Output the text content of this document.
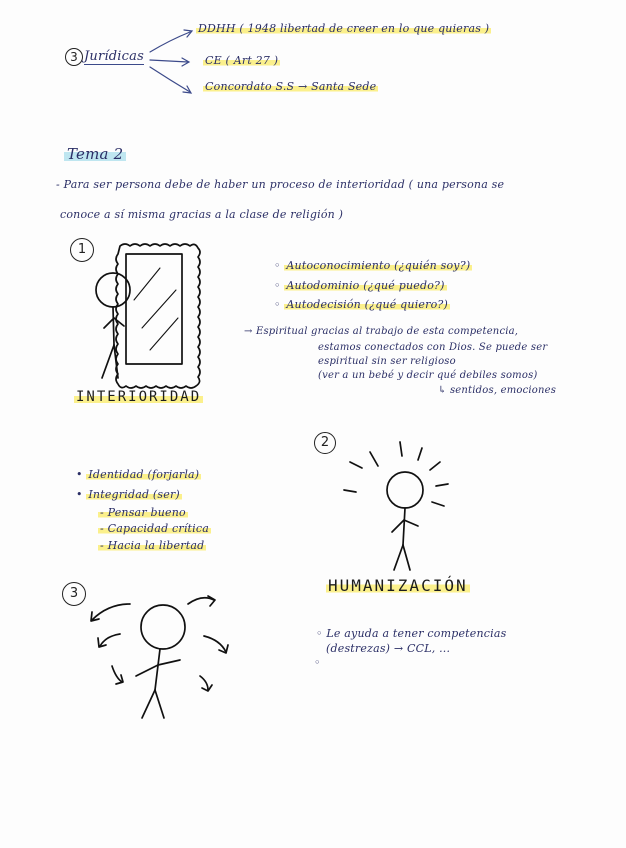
3 Jurídicas
DDHH ( 1948 libertad de creer en lo que quieras )
CE ( Art 27 )
Concordato S.S → Santa Sede
Tema 2
- Para ser persona debe de haber un proceso de interioridad ( una persona se
conoce a sí misma gracias a la clase de religión )
1
◦ Autoconocimiento (¿quién soy?)
◦ Autodominio (¿qué puedo?)
◦ Autodecisión (¿qué quiero?)
→ Espiritual gracias al trabajo de esta competencia,
estamos conectados con Dios. Se puede ser
espiritual sin ser religioso
(ver a un bebé y decir qué debiles somos)
↳ sentidos, emociones
INTERIORIDAD
2
• Identidad (forjarla)
• Integridad (ser)
- Pensar bueno
- Capacidad crítica
- Hacia la libertad
HUMANIZACIÓN
◦ Le ayuda a tener competencias
(destrezas) → CCL, ...
◦
3
